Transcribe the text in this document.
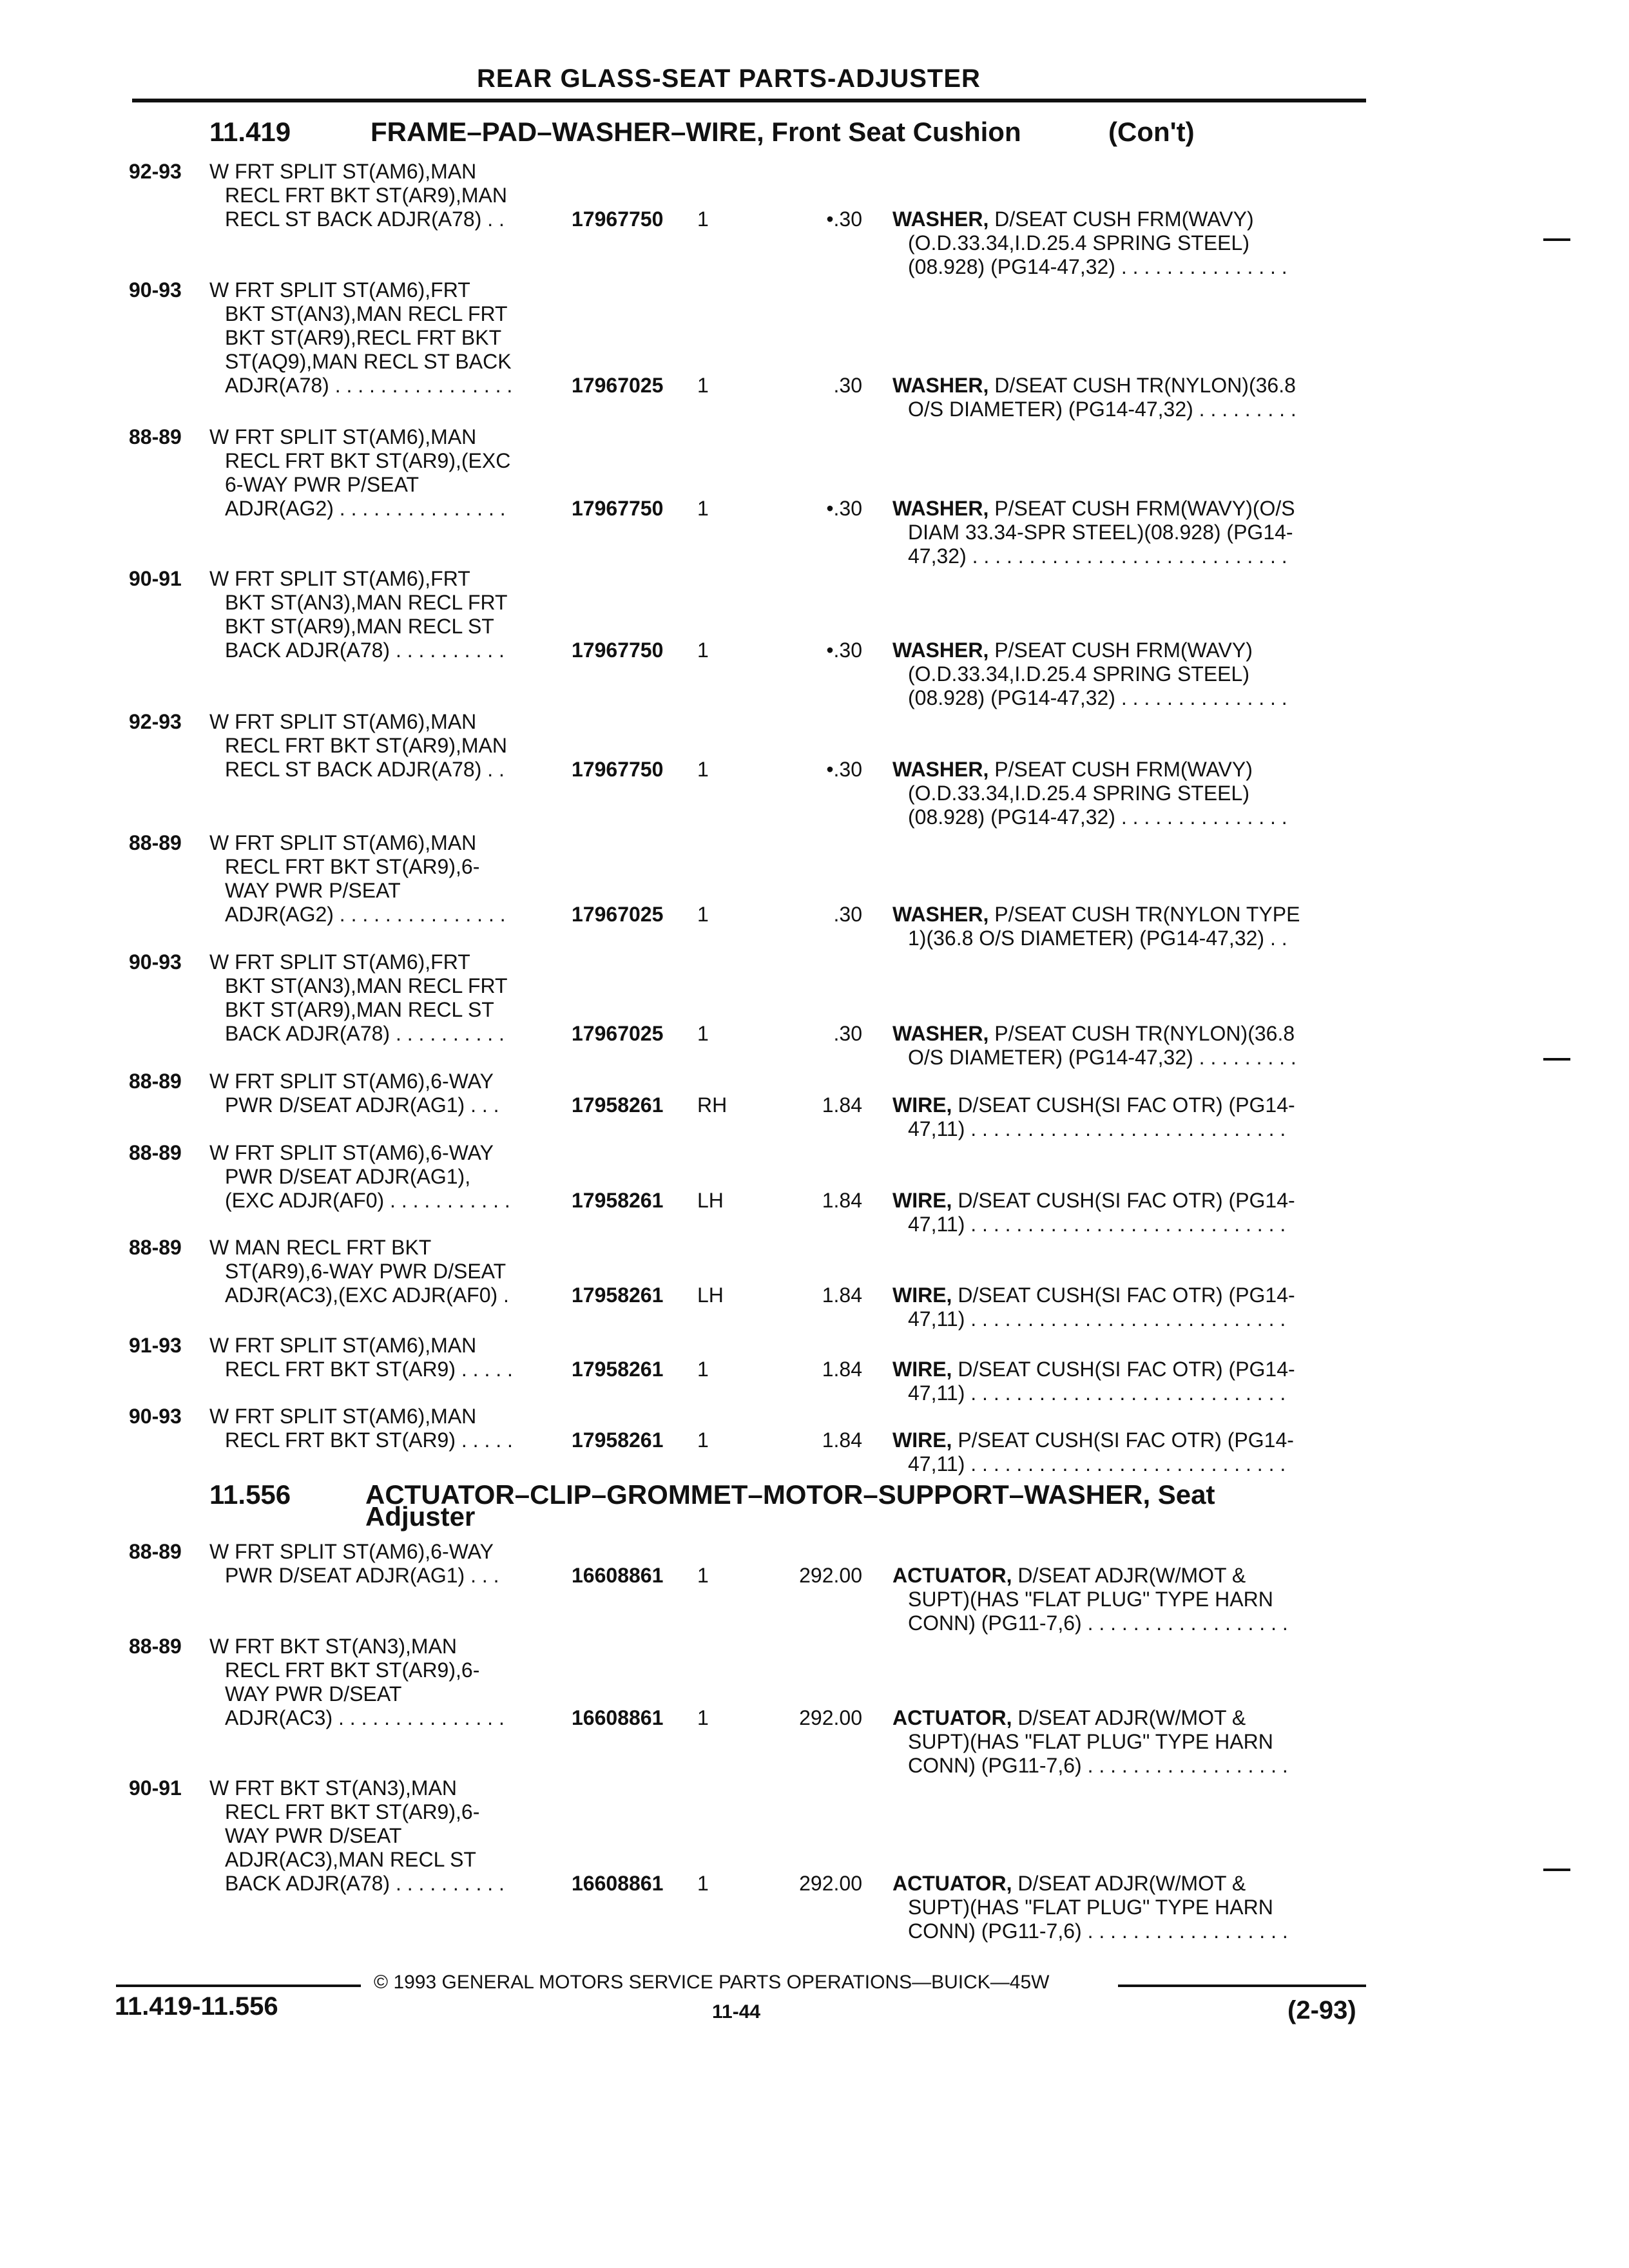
REAR GLASS-SEAT PARTS-ADJUSTER
11.419	FRAME–PAD–WASHER–WIRE, Front Seat Cushion	(Con't)
92-93 W FRT SPLIT ST(AM6),MAN
RECL FRT BKT ST(AR9),MAN
RECL ST BACK ADJR(A78) . .	17967750 1	•.30 WASHER, D/SEAT CUSH FRM(WAVY)
(O.D.33.34,I.D.25.4 SPRING STEEL)
(08.928) (PG14-47,32) . . . . . . . . . . . . . . .
90-93 W FRT SPLIT ST(AM6),FRT
BKT ST(AN3),MAN RECL FRT
BKT ST(AR9),RECL FRT BKT
ST(AQ9),MAN RECL ST BACK
ADJR(A78) . . . . . . . . . . . . . . . .	17967025 1	.30 WASHER, D/SEAT CUSH TR(NYLON)(36.8
O/S DIAMETER) (PG14-47,32) . . . . . . . . .
88-89 W FRT SPLIT ST(AM6),MAN
RECL FRT BKT ST(AR9),(EXC
6-WAY PWR P/SEAT
ADJR(AG2) . . . . . . . . . . . . . . .	17967750 1	•.30 WASHER, P/SEAT CUSH FRM(WAVY)(O/S
DIAM 33.34-SPR STEEL)(08.928) (PG14-
47,32) . . . . . . . . . . . . . . . . . . . . . . . . . . . .
90-91 W FRT SPLIT ST(AM6),FRT
BKT ST(AN3),MAN RECL FRT
BKT ST(AR9),MAN RECL ST
BACK ADJR(A78) . . . . . . . . . .	17967750 1	•.30 WASHER, P/SEAT CUSH FRM(WAVY)
(O.D.33.34,I.D.25.4 SPRING STEEL)
(08.928) (PG14-47,32) . . . . . . . . . . . . . . .
92-93 W FRT SPLIT ST(AM6),MAN
RECL FRT BKT ST(AR9),MAN
RECL ST BACK ADJR(A78) . .	17967750 1	•.30 WASHER, P/SEAT CUSH FRM(WAVY)
(O.D.33.34,I.D.25.4 SPRING STEEL)
(08.928) (PG14-47,32) . . . . . . . . . . . . . . .
88-89 W FRT SPLIT ST(AM6),MAN
RECL FRT BKT ST(AR9),6-
WAY PWR P/SEAT
ADJR(AG2) . . . . . . . . . . . . . . .	17967025 1	.30 WASHER, P/SEAT CUSH TR(NYLON TYPE
1)(36.8 O/S DIAMETER) (PG14-47,32) . .
90-93 W FRT SPLIT ST(AM6),FRT
BKT ST(AN3),MAN RECL FRT
BKT ST(AR9),MAN RECL ST
BACK ADJR(A78) . . . . . . . . . .	17967025 1	.30 WASHER, P/SEAT CUSH TR(NYLON)(36.8
O/S DIAMETER) (PG14-47,32) . . . . . . . . .
88-89 W FRT SPLIT ST(AM6),6-WAY
PWR D/SEAT ADJR(AG1) . . .	17958261 RH	1.84 WIRE, D/SEAT CUSH(SI FAC OTR) (PG14-
47,11) . . . . . . . . . . . . . . . . . . . . . . . . . . . .
88-89 W FRT SPLIT ST(AM6),6-WAY
PWR D/SEAT ADJR(AG1),
(EXC ADJR(AF0) . . . . . . . . . . .	17958261 LH	1.84 WIRE, D/SEAT CUSH(SI FAC OTR) (PG14-
47,11) . . . . . . . . . . . . . . . . . . . . . . . . . . . .
88-89 W MAN RECL FRT BKT
ST(AR9),6-WAY PWR D/SEAT
ADJR(AC3),(EXC ADJR(AF0) .	17958261 LH	1.84 WIRE, D/SEAT CUSH(SI FAC OTR) (PG14-
47,11) . . . . . . . . . . . . . . . . . . . . . . . . . . . .
91-93 W FRT SPLIT ST(AM6),MAN
RECL FRT BKT ST(AR9) . . . . .	17958261 1	1.84 WIRE, D/SEAT CUSH(SI FAC OTR) (PG14-
47,11) . . . . . . . . . . . . . . . . . . . . . . . . . . . .
90-93 W FRT SPLIT ST(AM6),MAN
RECL FRT BKT ST(AR9) . . . . .	17958261 1	1.84 WIRE, P/SEAT CUSH(SI FAC OTR) (PG14-
47,11) . . . . . . . . . . . . . . . . . . . . . . . . . . . .
11.556	ACTUATOR–CLIP–GROMMET–MOTOR–SUPPORT–WASHER, Seat
Adjuster
88-89 W FRT SPLIT ST(AM6),6-WAY
PWR D/SEAT ADJR(AG1) . . .	16608861 1	292.00 ACTUATOR, D/SEAT ADJR(W/MOT &
SUPT)(HAS "FLAT PLUG" TYPE HARN
CONN) (PG11-7,6) . . . . . . . . . . . . . . . . . .
88-89 W FRT BKT ST(AN3),MAN
RECL FRT BKT ST(AR9),6-
WAY PWR D/SEAT
ADJR(AC3) . . . . . . . . . . . . . . .	16608861 1	292.00 ACTUATOR, D/SEAT ADJR(W/MOT &
SUPT)(HAS "FLAT PLUG" TYPE HARN
CONN) (PG11-7,6) . . . . . . . . . . . . . . . . . .
90-91 W FRT BKT ST(AN3),MAN
RECL FRT BKT ST(AR9),6-
WAY PWR D/SEAT
ADJR(AC3),MAN RECL ST
BACK ADJR(A78) . . . . . . . . . .	16608861 1	292.00 ACTUATOR, D/SEAT ADJR(W/MOT &
SUPT)(HAS "FLAT PLUG" TYPE HARN
CONN) (PG11-7,6) . . . . . . . . . . . . . . . . . .
© 1993 GENERAL MOTORS SERVICE PARTS OPERATIONS—BUICK—45W
11.419-11.556	11-44	(2-93)
